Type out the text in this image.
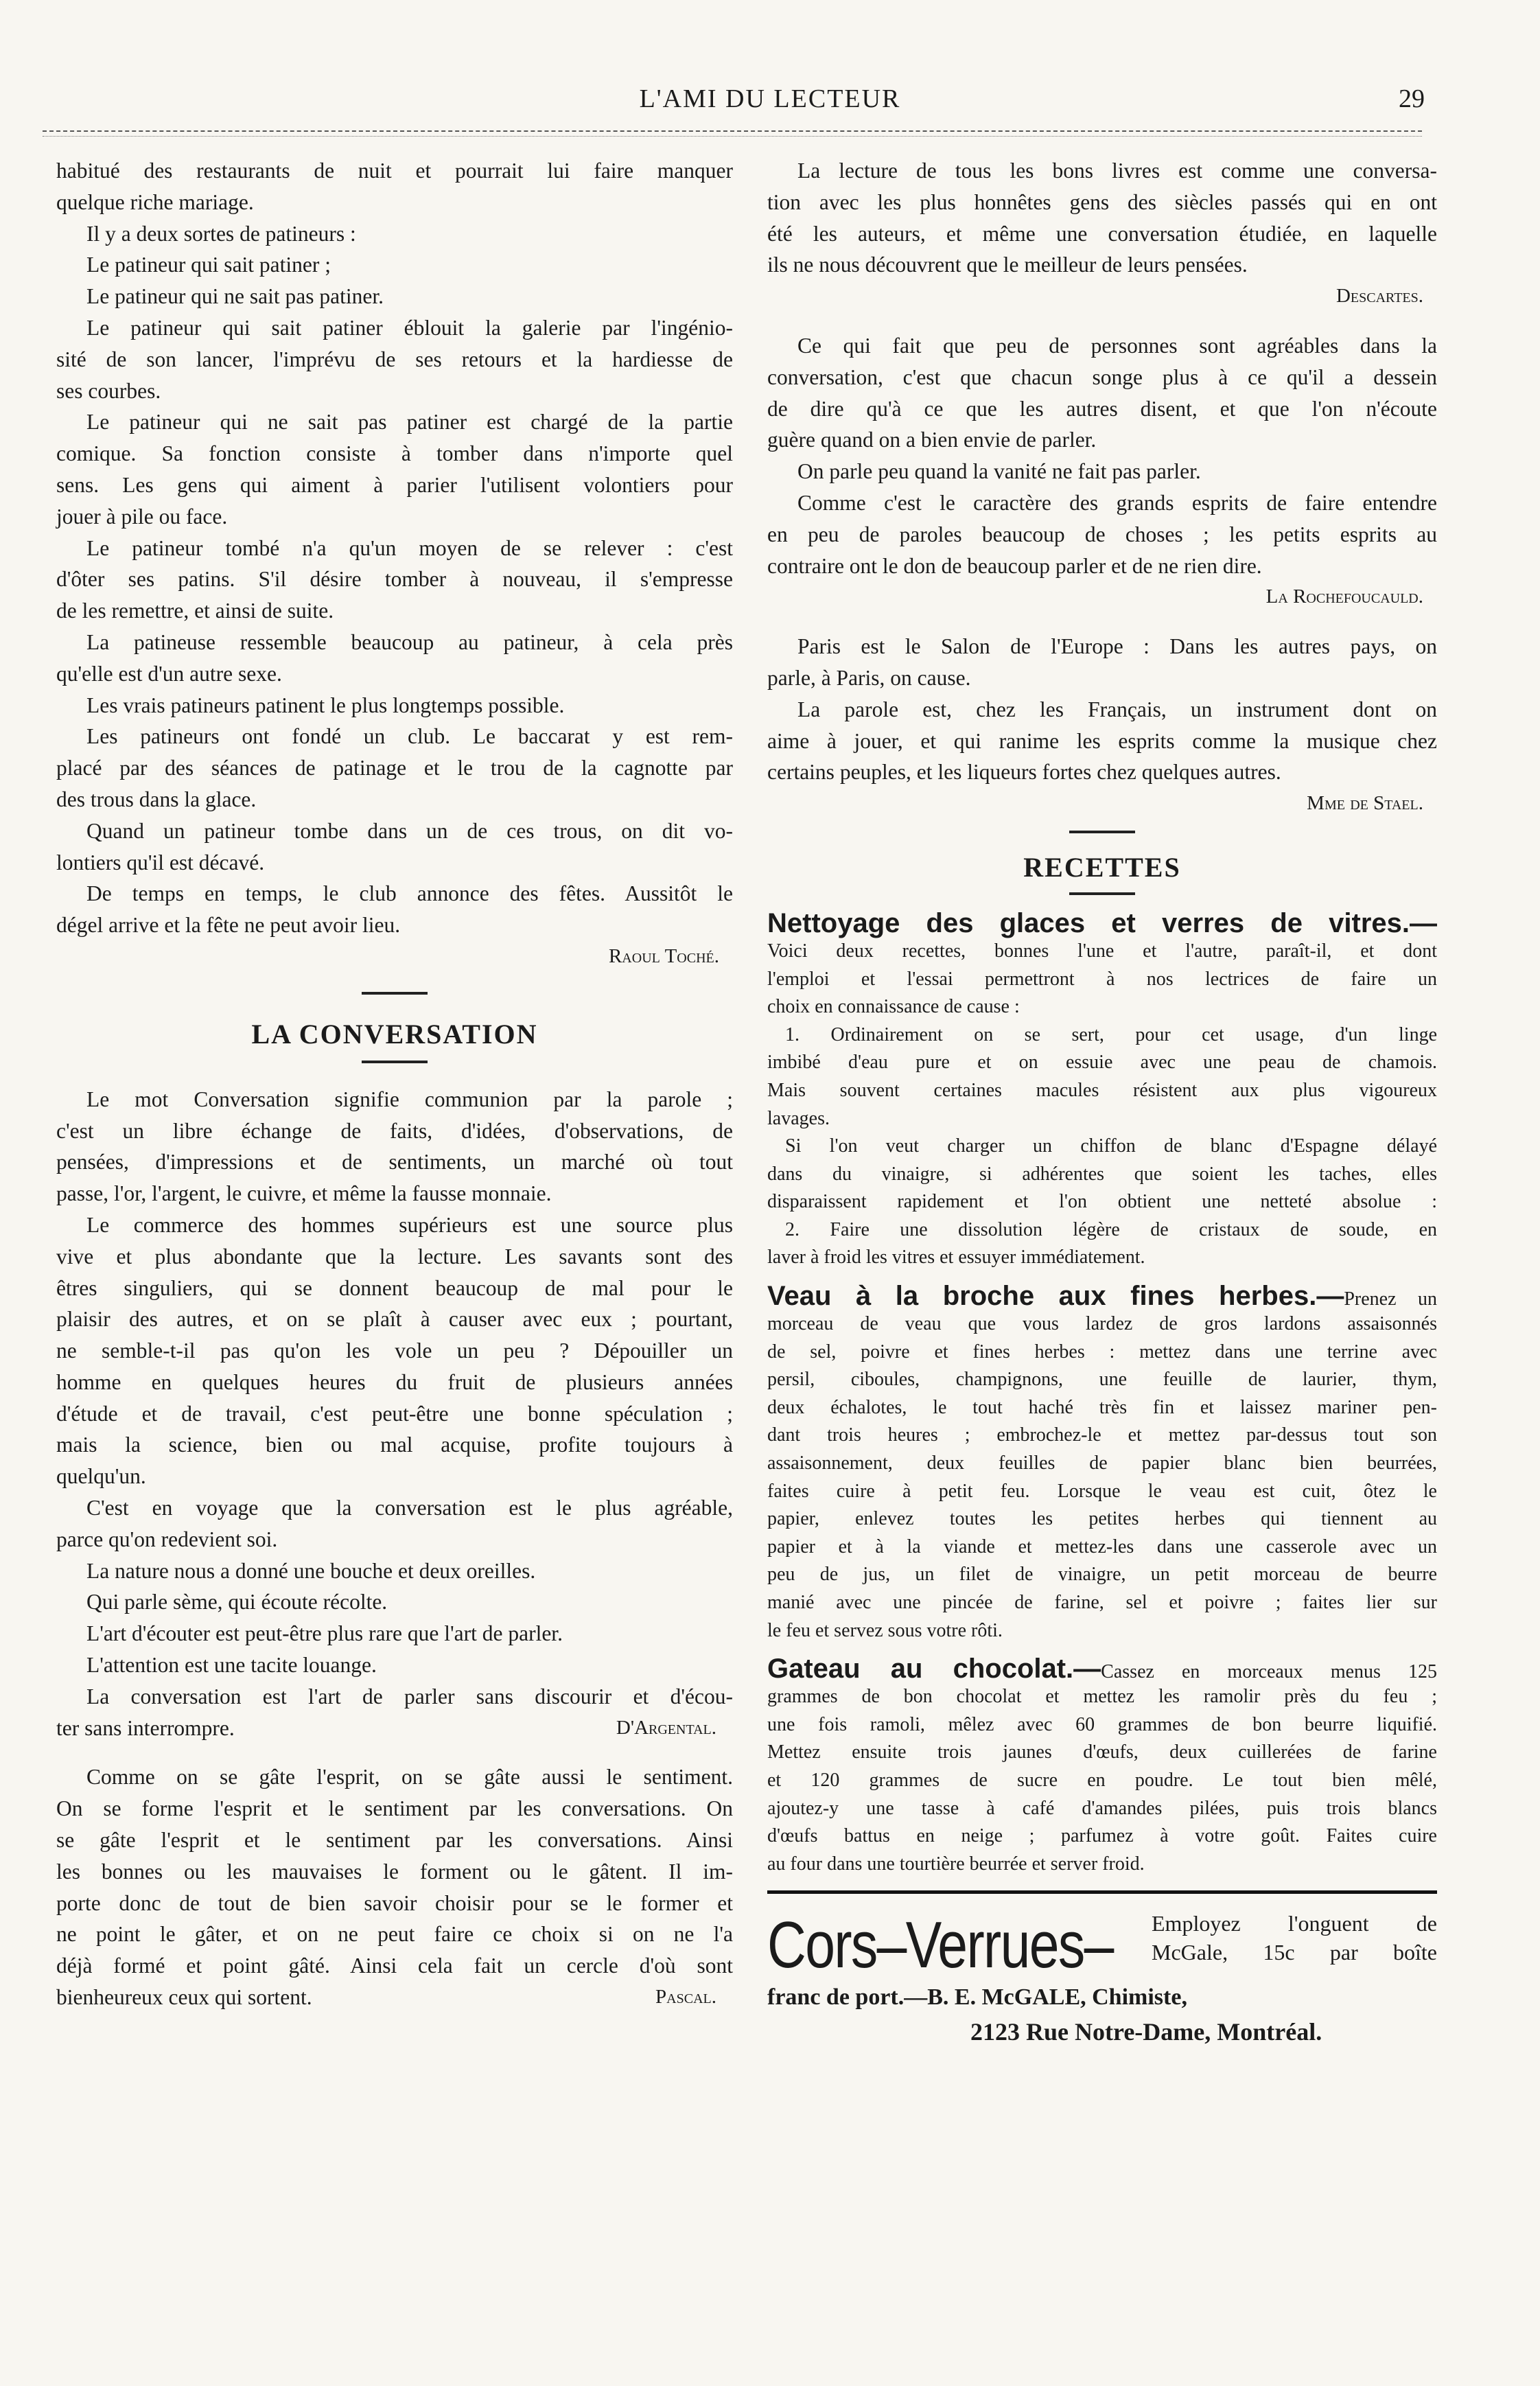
L'AMI DU LECTEUR	29
habitué des restaurants de nuit et pourrait lui faire manquer
quelque riche mariage.
Il y a deux sortes de patineurs :
Le patineur qui sait patiner ;
Le patineur qui ne sait pas patiner.
Le patineur qui sait patiner éblouit la galerie par l'ingénio-
sité de son lancer, l'imprévu de ses retours et la hardiesse de
ses courbes.
Le patineur qui ne sait pas patiner est chargé de la partie
comique. Sa fonction consiste à tomber dans n'importe quel
sens. Les gens qui aiment à parier l'utilisent volontiers pour
jouer à pile ou face.
Le patineur tombé n'a qu'un moyen de se relever : c'est
d'ôter ses patins. S'il désire tomber à nouveau, il s'empresse
de les remettre, et ainsi de suite.
La patineuse ressemble beaucoup au patineur, à cela près
qu'elle est d'un autre sexe.
Les vrais patineurs patinent le plus longtemps possible.
Les patineurs ont fondé un club. Le baccarat y est rem-
placé par des séances de patinage et le trou de la cagnotte par
des trous dans la glace.
Quand un patineur tombe dans un de ces trous, on dit vo-
lontiers qu'il est décavé.
De temps en temps, le club annonce des fêtes. Aussitôt le
dégel arrive et la fête ne peut avoir lieu.
Raoul Toché.
LA CONVERSATION
Le mot Conversation signifie communion par la parole ;
c'est un libre échange de faits, d'idées, d'observations, de
pensées, d'impressions et de sentiments, un marché où tout
passe, l'or, l'argent, le cuivre, et même la fausse monnaie.
Le commerce des hommes supérieurs est une source plus
vive et plus abondante que la lecture. Les savants sont des
êtres singuliers, qui se donnent beaucoup de mal pour le
plaisir des autres, et on se plaît à causer avec eux ; pourtant,
ne semble-t-il pas qu'on les vole un peu ? Dépouiller un
homme en quelques heures du fruit de plusieurs années
d'étude et de travail, c'est peut-être une bonne spéculation ;
mais la science, bien ou mal acquise, profite toujours à
quelqu'un.
C'est en voyage que la conversation est le plus agréable,
parce qu'on redevient soi.
La nature nous a donné une bouche et deux oreilles.
Qui parle sème, qui écoute récolte.
L'art d'écouter est peut-être plus rare que l'art de parler.
L'attention est une tacite louange.
La conversation est l'art de parler sans discourir et d'écou-
ter sans interrompre.	D'Argental.
Comme on se gâte l'esprit, on se gâte aussi le sentiment.
On se forme l'esprit et le sentiment par les conversations. On
se gâte l'esprit et le sentiment par les conversations. Ainsi
les bonnes ou les mauvaises le forment ou le gâtent. Il im-
porte donc de tout de bien savoir choisir pour se le former et
ne point le gâter, et on ne peut faire ce choix si on ne l'a
déjà formé et point gâté. Ainsi cela fait un cercle d'où sont
bienheureux ceux qui sortent.	Pascal.
La lecture de tous les bons livres est comme une conversa-
tion avec les plus honnêtes gens des siècles passés qui en ont
été les auteurs, et même une conversation étudiée, en laquelle
ils ne nous découvrent que le meilleur de leurs pensées.
Descartes.
Ce qui fait que peu de personnes sont agréables dans la
conversation, c'est que chacun songe plus à ce qu'il a dessein
de dire qu'à ce que les autres disent, et que l'on n'écoute
guère quand on a bien envie de parler.
On parle peu quand la vanité ne fait pas parler.
Comme c'est le caractère des grands esprits de faire entendre
en peu de paroles beaucoup de choses ; les petits esprits au
contraire ont le don de beaucoup parler et de ne rien dire.
La Rochefoucauld.
Paris est le Salon de l'Europe : Dans les autres pays, on
parle, à Paris, on cause.
La parole est, chez les Français, un instrument dont on
aime à jouer, et qui ranime les esprits comme la musique chez
certains peuples, et les liqueurs fortes chez quelques autres.
Mme de Stael.
RECETTES
Nettoyage des glaces et verres de vitres.—
Voici deux recettes, bonnes l'une et l'autre, paraît-il, et dont
l'emploi et l'essai permettront à nos lectrices de faire un
choix en connaissance de cause :
1. Ordinairement on se sert, pour cet usage, d'un linge
imbibé d'eau pure et on essuie avec une peau de chamois.
Mais souvent certaines macules résistent aux plus vigoureux
lavages.
Si l'on veut charger un chiffon de blanc d'Espagne délayé
dans du vinaigre, si adhérentes que soient les taches, elles
disparaissent rapidement et l'on obtient une netteté absolue :
2. Faire une dissolution légère de cristaux de soude, en
laver à froid les vitres et essuyer immédiatement.
Veau à la broche aux fines herbes.—Prenez un
morceau de veau que vous lardez de gros lardons assaisonnés
de sel, poivre et fines herbes : mettez dans une terrine avec
persil, ciboules, champignons, une feuille de laurier, thym,
deux échalotes, le tout haché très fin et laissez mariner pen-
dant trois heures ; embrochez-le et mettez par-dessus tout son
assaisonnement, deux feuilles de papier blanc bien beurrées,
faites cuire à petit feu. Lorsque le veau est cuit, ôtez le
papier, enlevez toutes les petites herbes qui tiennent au
papier et à la viande et mettez-les dans une casserole avec un
peu de jus, un filet de vinaigre, un petit morceau de beurre
manié avec une pincée de farine, sel et poivre ; faites lier sur
le feu et servez sous votre rôti.
Gateau au chocolat.—Cassez en morceaux menus 125
grammes de bon chocolat et mettez les ramolir près du feu ;
une fois ramoli, mêlez avec 60 grammes de bon beurre liquifié.
Mettez ensuite trois jaunes d'œufs, deux cuillerées de farine
et 120 grammes de sucre en poudre. Le tout bien mêlé,
ajoutez-y une tasse à café d'amandes pilées, puis trois blancs
d'œufs battus en neige ; parfumez à votre goût. Faites cuire
au four dans une tourtière beurrée et server froid.
Cors–Verrues– Employez l'onguent de
McGale, 15c par boîte
franc de port.—B. E. McGALE, Chimiste,
2123 Rue Notre-Dame, Montréal.
